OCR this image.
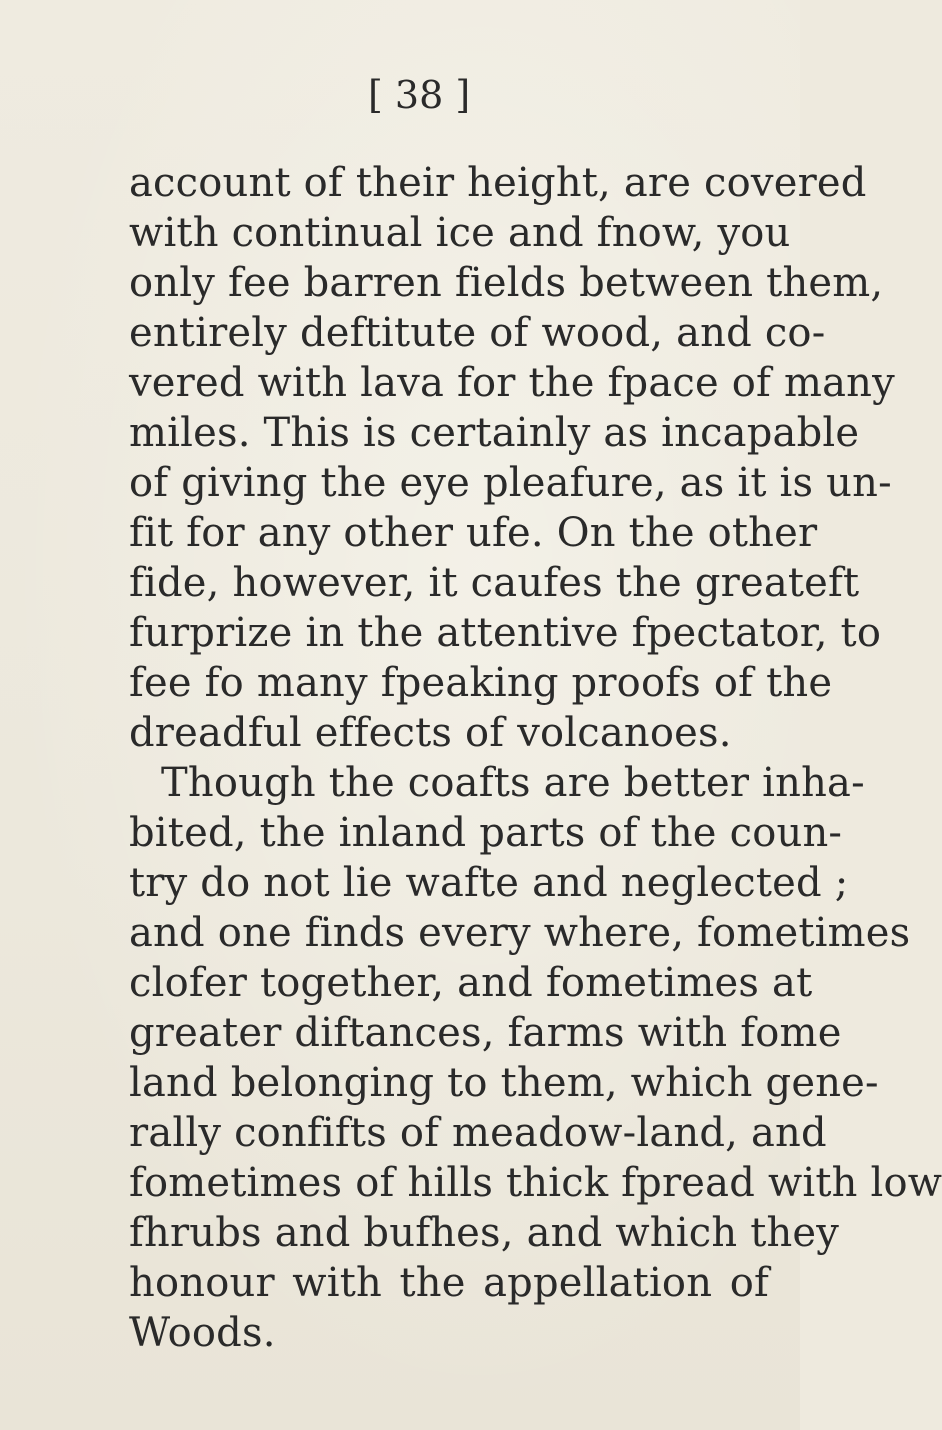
[ 38 ]
account of their height, are covered
with continual ice and fnow, you
only fee barren fields between them,
entirely deftitute of wood, and co-
vered with lava for the fpace of many
miles. This is certainly as incapable
of giving the eye pleafure, as it is un-
fit for any other ufe. On the other
fide, however, it caufes the greateft
furprize in the attentive fpectator, to
fee fo many fpeaking proofs of the
dreadful effects of volcanoes.
Though the coafts are better inha-
bited, the inland parts of the coun-
try do not lie wafte and neglected ;
and one finds every where, fometimes
clofer together, and fometimes at
greater diftances, farms with fome
land belonging to them, which gene-
rally confifts of meadow-land, and
fometimes of hills thick fpread with low
fhrubs and bufhes, and which they
honour with the appellation of
Woods.
